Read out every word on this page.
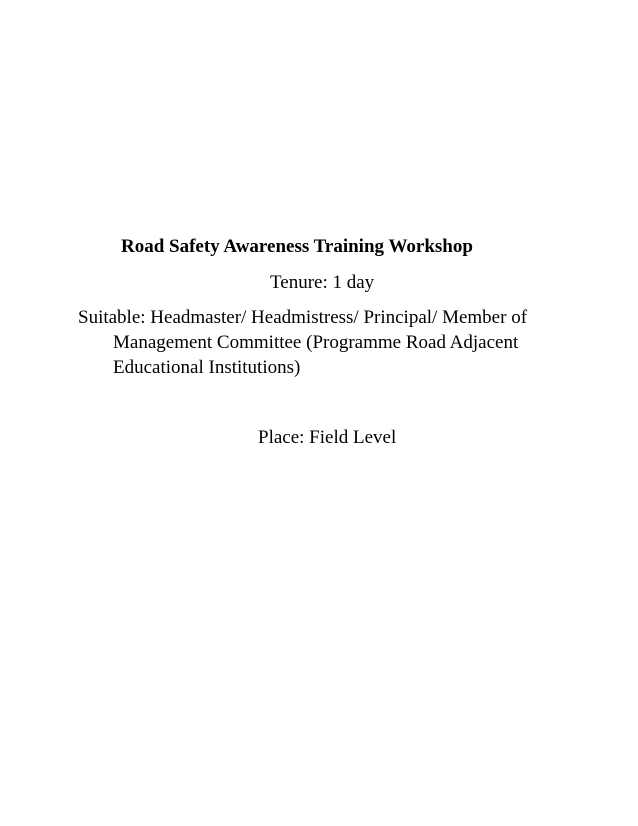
Road Safety Awareness Training Workshop
Tenure: 1 day
Suitable: Headmaster/ Headmistress/ Principal/ Member of
Management Committee (Programme Road Adjacent
Educational Institutions)
Place: Field Level
